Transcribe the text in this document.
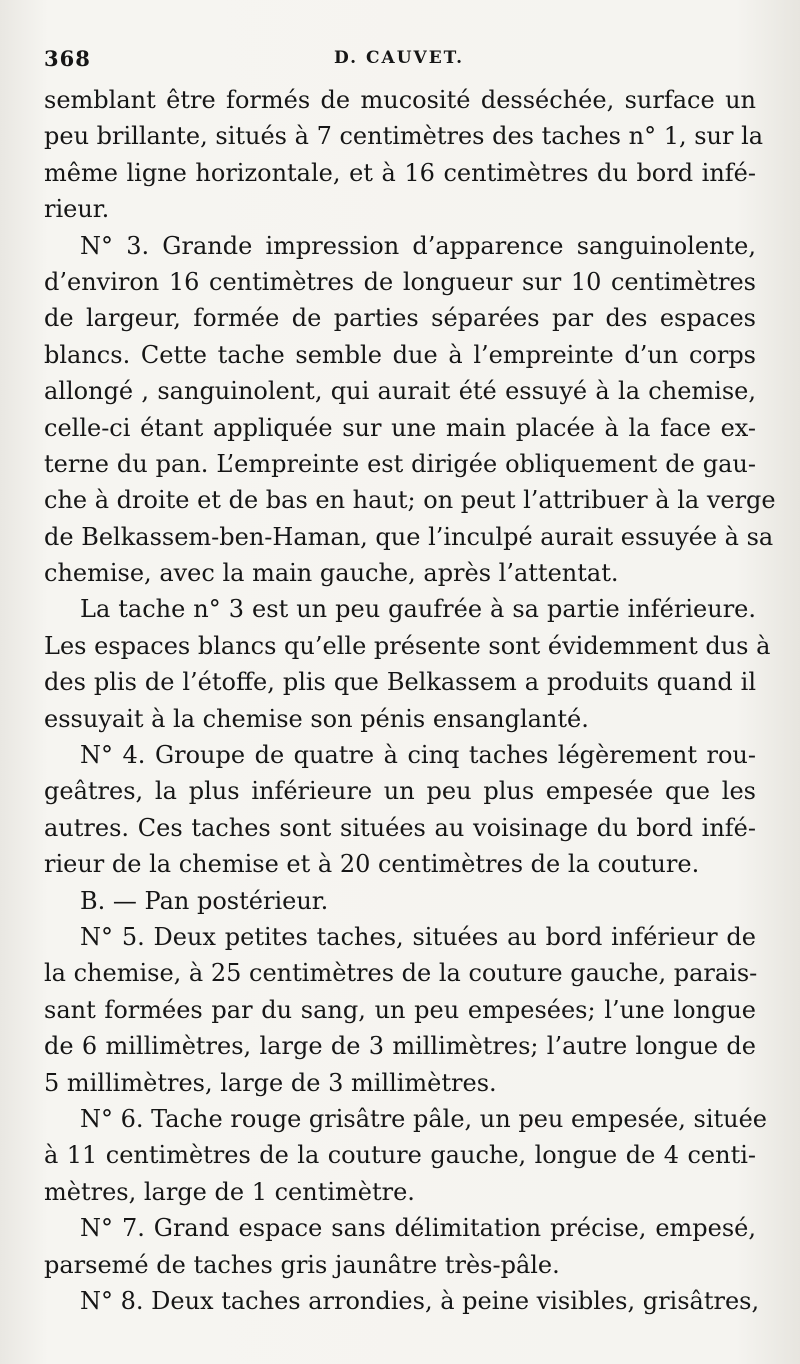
368	D. CAUVET.
semblant être formés de mucosité desséchée, surface un
peu brillante, situés à 7 centimètres des taches n° 1, sur la
même ligne horizontale, et à 16 centimètres du bord infé-
rieur.
N° 3. Grande impression d’apparence sanguinolente,
d’environ 16 centimètres de longueur sur 10 centimètres
de largeur, formée de parties séparées par des espaces
blancs. Cette tache semble due à l’empreinte d’un corps
allongé , sanguinolent, qui aurait été essuyé à la chemise,
celle-ci étant appliquée sur une main placée à la face ex-
terne du pan. L’empreinte est dirigée obliquement de gau-
che à droite et de bas en haut; on peut l’attribuer à la verge
de Belkassem-ben-Haman, que l’inculpé aurait essuyée à sa
chemise, avec la main gauche, après l’attentat.
La tache n° 3 est un peu gaufrée à sa partie inférieure.
Les espaces blancs qu’elle présente sont évidemment dus à
des plis de l’étoffe, plis que Belkassem a produits quand il
essuyait à la chemise son pénis ensanglanté.
N° 4. Groupe de quatre à cinq taches légèrement rou-
geâtres, la plus inférieure un peu plus empesée que les
autres. Ces taches sont situées au voisinage du bord infé-
rieur de la chemise et à 20 centimètres de la couture.
B. — Pan postérieur.
N° 5. Deux petites taches, situées au bord inférieur de
la chemise, à 25 centimètres de la couture gauche, parais-
sant formées par du sang, un peu empesées; l’une longue
de 6 millimètres, large de 3 millimètres; l’autre longue de
5 millimètres, large de 3 millimètres.
N° 6. Tache rouge grisâtre pâle, un peu empesée, située
à 11 centimètres de la couture gauche, longue de 4 centi-
mètres, large de 1 centimètre.
N° 7. Grand espace sans délimitation précise, empesé,
parsemé de taches gris jaunâtre très-pâle.
N° 8. Deux taches arrondies, à peine visibles, grisâtres,
